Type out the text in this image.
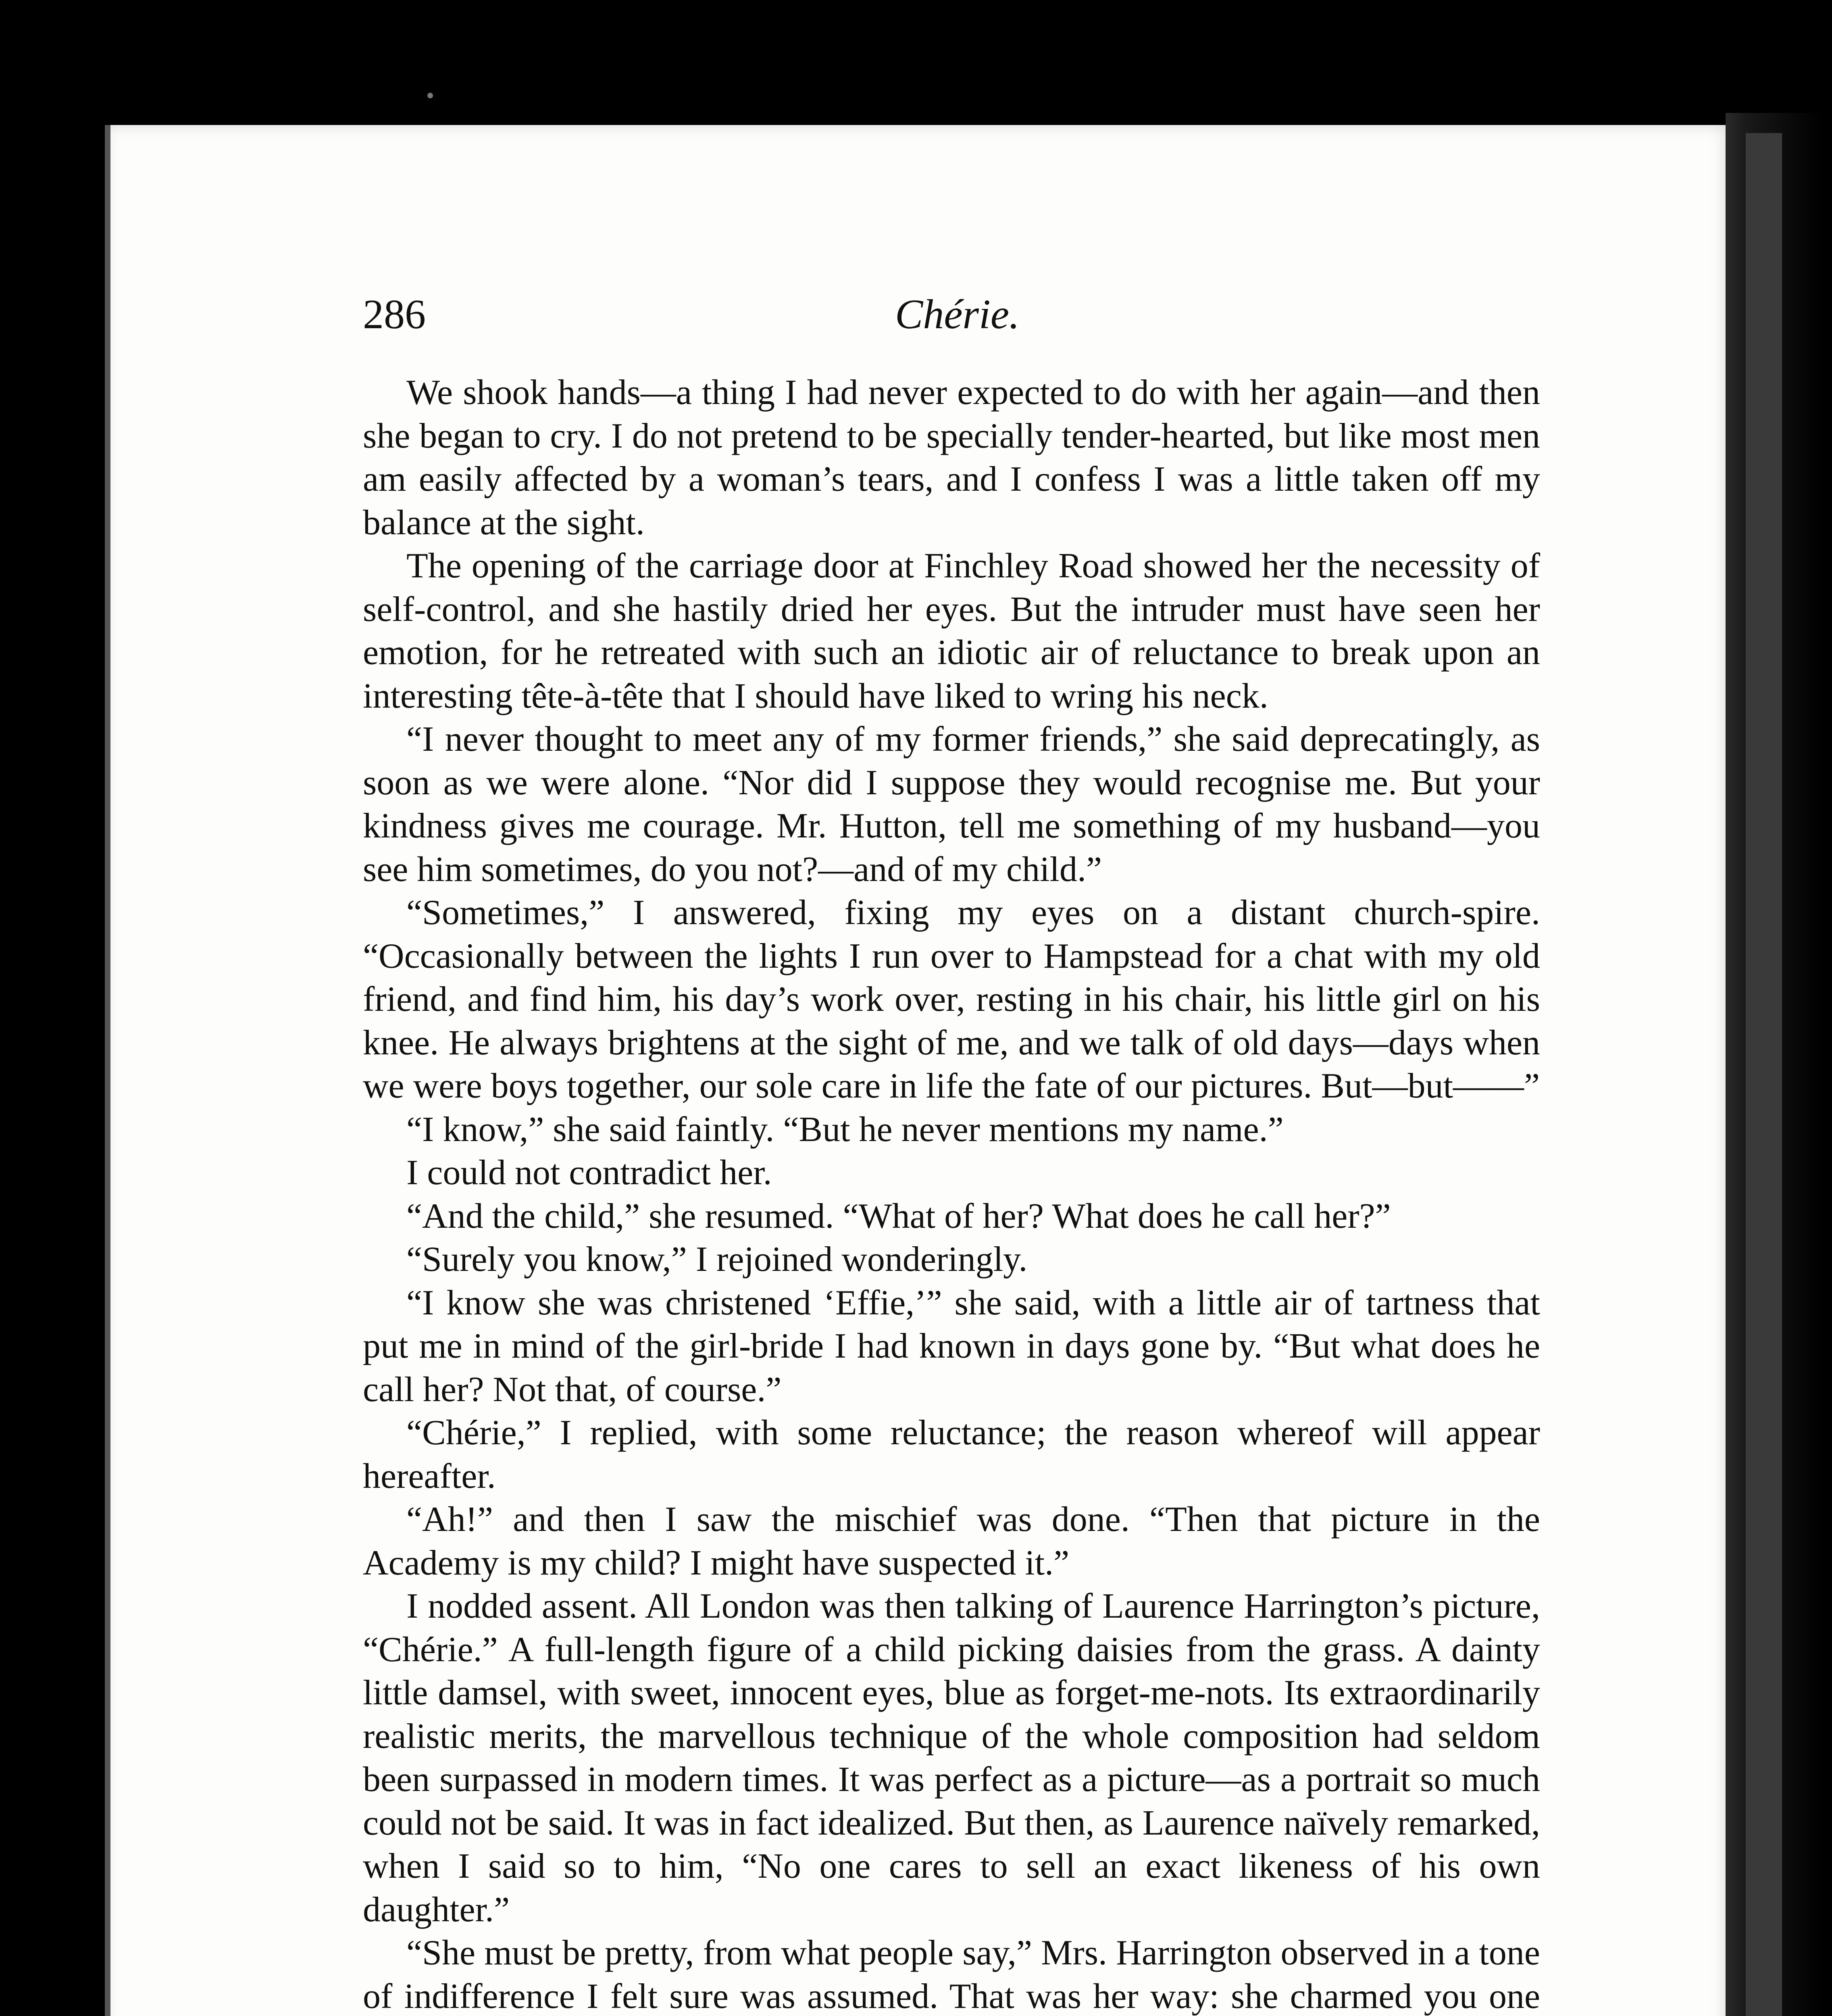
286	Chérie.

We shook hands—a thing I had never expected to do with her again—and then she began to cry. I do not pretend to be specially tender-hearted, but like most men am easily affected by a woman’s tears, and I confess I was a little taken off my balance at the sight.

The opening of the carriage door at Finchley Road showed her the necessity of self-control, and she hastily dried her eyes. But the intruder must have seen her emotion, for he retreated with such an idiotic air of reluctance to break upon an interesting tête-à-tête that I should have liked to wring his neck.

“I never thought to meet any of my former friends,” she said deprecatingly, as soon as we were alone. “Nor did I suppose they would recognise me. But your kindness gives me courage. Mr. Hutton, tell me something of my husband—you see him sometimes, do you not?—and of my child.”

“Sometimes,” I answered, fixing my eyes on a distant church-spire. “Occasionally between the lights I run over to Hampstead for a chat with my old friend, and find him, his day’s work over, resting in his chair, his little girl on his knee. He always brightens at the sight of me, and we talk of old days—days when we were boys together, our sole care in life the fate of our pictures. But—but——”

“I know,” she said faintly. “But he never mentions my name.”

I could not contradict her.

“And the child,” she resumed. “What of her? What does he call her?”

“Surely you know,” I rejoined wonderingly.

“I know she was christened ‘Effie,’” she said, with a little air of tartness that put me in mind of the girl-bride I had known in days gone by. “But what does he call her? Not that, of course.”

“Chérie,” I replied, with some reluctance; the reason whereof will appear hereafter.

“Ah!” and then I saw the mischief was done. “Then that picture in the Academy is my child? I might have suspected it.”

I nodded assent. All London was then talking of Laurence Harrington’s picture, “Chérie.” A full-length figure of a child picking daisies from the grass. A dainty little damsel, with sweet, innocent eyes, blue as forget-me-nots. Its extraordinarily realistic merits, the marvellous technique of the whole composition had seldom been surpassed in modern times. It was perfect as a picture—as a portrait so much could not be said. It was in fact idealized. But then, as Laurence naïvely remarked, when I said so to him, “No one cares to sell an exact likeness of his own daughter.”

“She must be pretty, from what people say,” Mrs. Harrington observed in a tone of indifference I felt sure was assumed. That was her way: she charmed you one
